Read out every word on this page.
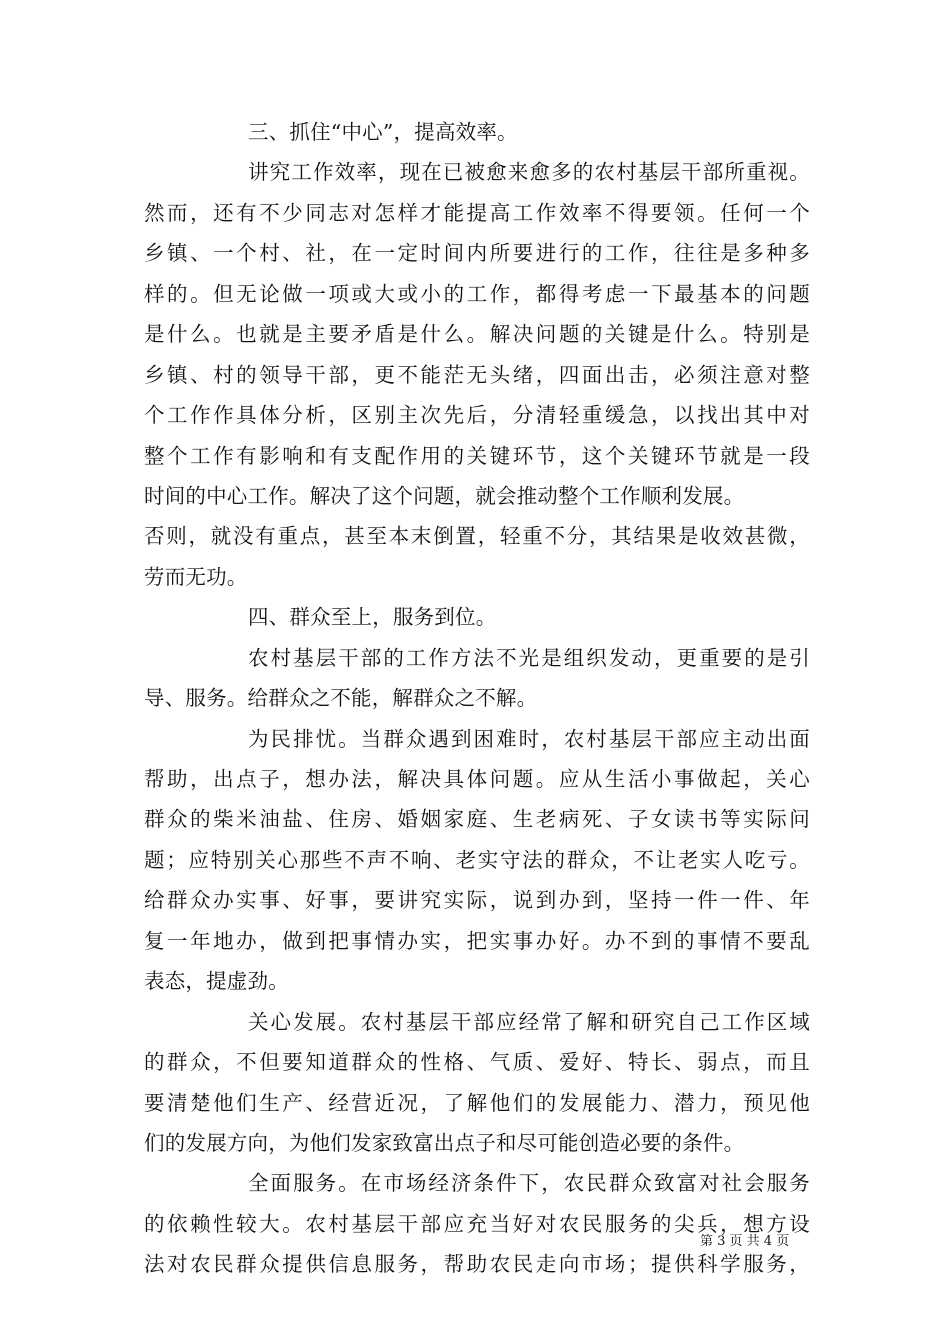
三、抓住“中心”，提高效率。
讲究工作效率，现在已被愈来愈多的农村基层干部所重视。
然而，还有不少同志对怎样才能提高工作效率不得要领。任何一个
乡镇、一个村、社，在一定时间内所要进行的工作，往往是多种多
样的。但无论做一项或大或小的工作，都得考虑一下最基本的问题
是什么。也就是主要矛盾是什么。解决问题的关键是什么。特别是
乡镇、村的领导干部，更不能茫无头绪，四面出击，必须注意对整
个工作作具体分析，区别主次先后，分清轻重缓急，以找出其中对
整个工作有影响和有支配作用的关键环节，这个关键环节就是一段
时间的中心工作。解决了这个问题，就会推动整个工作顺利发展。
否则，就没有重点，甚至本末倒置，轻重不分，其结果是收效甚微，
劳而无功。
四、群众至上，服务到位。
农村基层干部的工作方法不光是组织发动，更重要的是引
导、服务。给群众之不能，解群众之不解。
为民排忧。当群众遇到困难时，农村基层干部应主动出面
帮助，出点子，想办法，解决具体问题。应从生活小事做起，关心
群众的柴米油盐、住房、婚姻家庭、生老病死、子女读书等实际问
题；应特别关心那些不声不响、老实守法的群众，不让老实人吃亏。
给群众办实事、好事，要讲究实际，说到办到，坚持一件一件、年
复一年地办，做到把事情办实，把实事办好。办不到的事情不要乱
表态，提虚劲。
关心发展。农村基层干部应经常了解和研究自己工作区域
的群众，不但要知道群众的性格、气质、爱好、特长、弱点，而且
要清楚他们生产、经营近况，了解他们的发展能力、潜力，预见他
们的发展方向，为他们发家致富出点子和尽可能创造必要的条件。
全面服务。在市场经济条件下，农民群众致富对社会服务
的依赖性较大。农村基层干部应充当好对农民服务的尖兵，想方设
法对农民群众提供信息服务，帮助农民走向市场；提供科学服务，
第 3 页 共 4 页
